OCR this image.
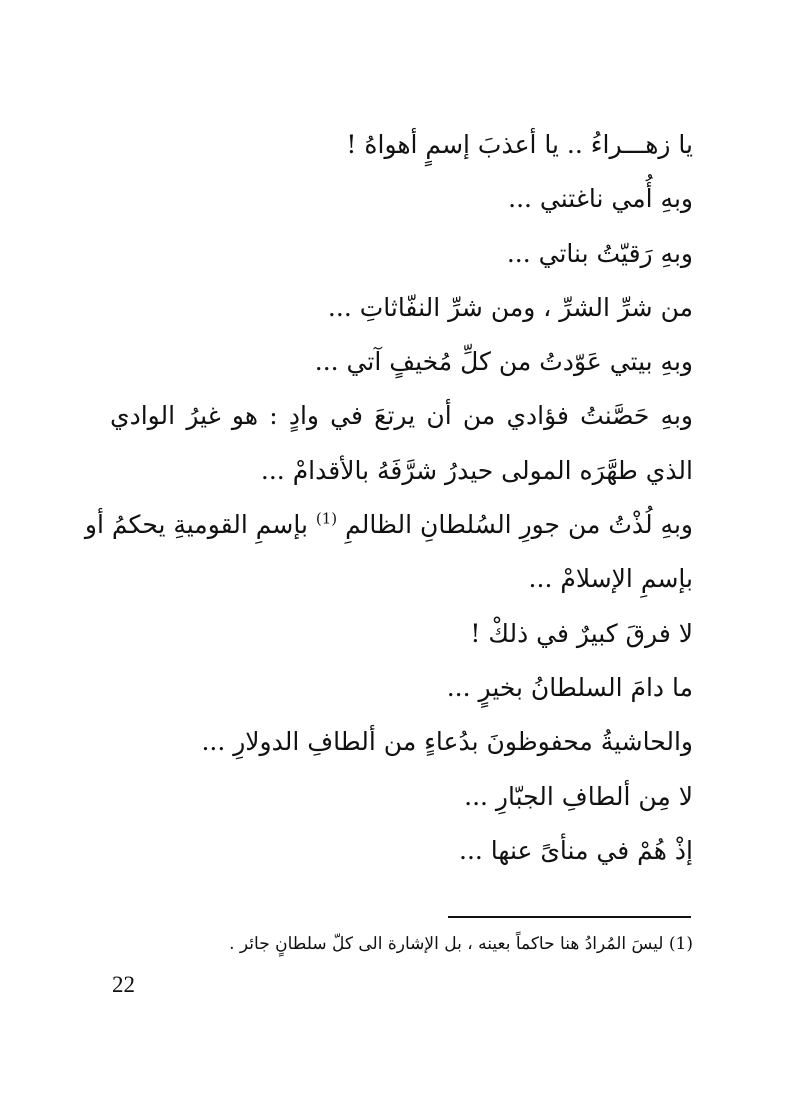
يا زهـــراءُ .. يا أعذبَ إسمٍ أهواهُ !
وبهِ أُمي ناغتني ...
وبهِ رَقيّتُ بناتي ...
من شرِّ الشرِّ ، ومن شرِّ النفّاثاتِ ...
وبهِ بيتي عَوّدتُ من كلِّ مُخيفٍ آتي ...
وبهِ حَصَّنتُ فؤادي من أن يرتعَ في وادٍ : هو غيرُ الوادي
الذي طهَّرَه المولى حيدرُ شرَّفَهُ بالأقدامْ ...
وبهِ لُذْتُ من جورِ السُلطانِ الظالمِ $^{(1)}$ بإسمِ القوميةِ يحكمُ أو
بإسمِ الإسلامْ ...
لا فرقَ كبيرٌ في ذلكْ !
ما دامَ السلطانُ بخيرٍ ...
والحاشيةُ محفوظونَ بدُعاءٍ من ألطافِ الدولارِ ...
لا مِن ألطافِ الجبّارِ ...
إذْ هُمْ في منأىً عنها ...
(1) ليسَ المُرادُ هنا حاكماً بعينه ، بل الإشارة الى كلّ سلطانٍ جائر .
22
